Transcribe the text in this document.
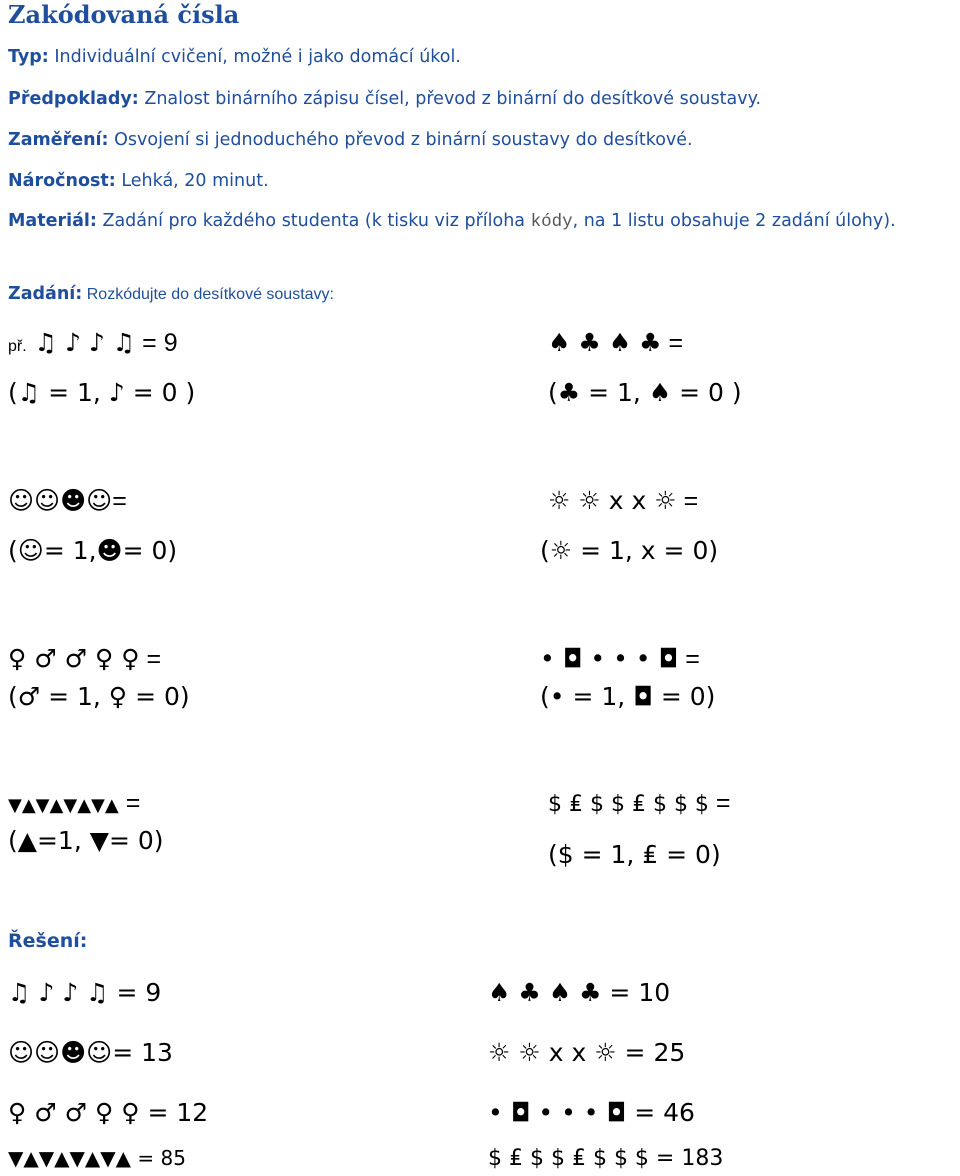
Zakódovaná čísla
Typ: Individuální cvičení, možné i jako domácí úkol.
Předpoklady: Znalost binárního zápisu čísel, převod z binární do desítkové soustavy.
Zaměření: Osvojení si jednoduchého převod z binární soustavy do desítkové.
Náročnost: Lehká, 20 minut.
Materiál: Zadání pro každého studenta (k tisku viz příloha kódy, na 1 listu obsahuje 2 zadání úlohy).
Zadání: Rozkódujte do desítkové soustavy:
př. ♫ ♪ ♪ ♫ = 9	♠ ♣ ♠ ♣ =
(♫ = 1, ♪ = 0 )	(♣ = 1, ♠ = 0 )
☺☺☻☺=	☼ ☼ x x ☼ =
(☺= 1,☻= 0)	(☼ = 1, x = 0)
♀ ♂ ♂ ♀ ♀ =	• ◘ • • • ◘ =
(♂ = 1, ♀ = 0)	(• = 1, ◘ = 0)
▼▲▼▲▼▲▼▲ =	$ ₤ $ $ ₤ $ $ $ =
(▲=1, ▼= 0)	($ = 1, ₤ = 0)
Řešení:
♫ ♪ ♪ ♫ = 9	♠ ♣ ♠ ♣ = 10
☺☺☻☺= 13	☼ ☼ x x ☼ = 25
♀ ♂ ♂ ♀ ♀ = 12	• ◘ • • • ◘ = 46
▼▲▼▲▼▲▼▲ = 85	$ ₤ $ $ ₤ $ $ $ = 183
